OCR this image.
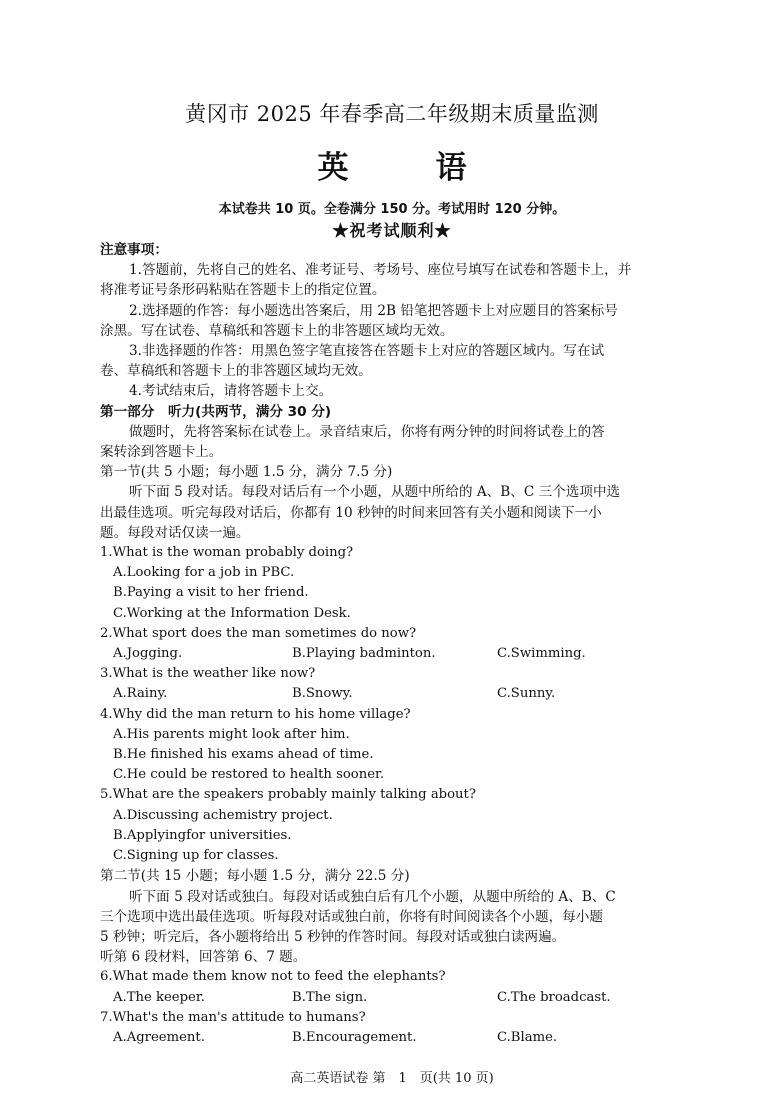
黄冈市 2025 年春季高二年级期末质量监测
英　语
本试卷共 10 页。全卷满分 150 分。考试用时 120 分钟。
★祝考试顺利★
注意事项：
1.答题前，先将自己的姓名、准考证号、考场号、座位号填写在试卷和答题卡上，并
将准考证号条形码粘贴在答题卡上的指定位置。
2.选择题的作答：每小题选出答案后，用 2B 铅笔把答题卡上对应题目的答案标号
涂黑。写在试卷、草稿纸和答题卡上的非答题区域均无效。
3.非选择题的作答：用黑色签字笔直接答在答题卡上对应的答题区域内。写在试
卷、草稿纸和答题卡上的非答题区域均无效。
4.考试结束后，请将答题卡上交。
第一部分　听力(共两节，满分 30 分)
做题时，先将答案标在试卷上。录音结束后，你将有两分钟的时间将试卷上的答
案转涂到答题卡上。
第一节(共 5 小题；每小题 1.5 分，满分 7.5 分)
听下面 5 段对话。每段对话后有一个小题，从题中所给的 A、B、C 三个选项中选
出最佳选项。听完每段对话后，你都有 10 秒钟的时间来回答有关小题和阅读下一小
题。每段对话仅读一遍。
1.What is the woman probably doing?
A.Looking for a job in PBC.
B.Paying a visit to her friend.
C.Working at the Information Desk.
2.What sport does the man sometimes do now?
A.Jogging.	B.Playing badminton.	C.Swimming.
3.What is the weather like now?
A.Rainy.	B.Snowy.	C.Sunny.
4.Why did the man return to his home village?
A.His parents might look after him.
B.He finished his exams ahead of time.
C.He could be restored to health sooner.
5.What are the speakers probably mainly talking about?
A.Discussing achemistry project.
B.Applyingfor universities.
C.Signing up for classes.
第二节(共 15 小题；每小题 1.5 分，满分 22.5 分)
听下面 5 段对话或独白。每段对话或独白后有几个小题，从题中所给的 A、B、C
三个选项中选出最佳选项。听每段对话或独白前，你将有时间阅读各个小题，每小题
5 秒钟；听完后，各小题将给出 5 秒钟的作答时间。每段对话或独白读两遍。
听第 6 段材料，回答第 6、7 题。
6.What made them know not to feed the elephants?
A.The keeper.	B.The sign.	C.The broadcast.
7.What's the man's attitude to humans?
A.Agreement.	B.Encouragement.	C.Blame.
高二英语试卷 第　1　页(共 10 页)
